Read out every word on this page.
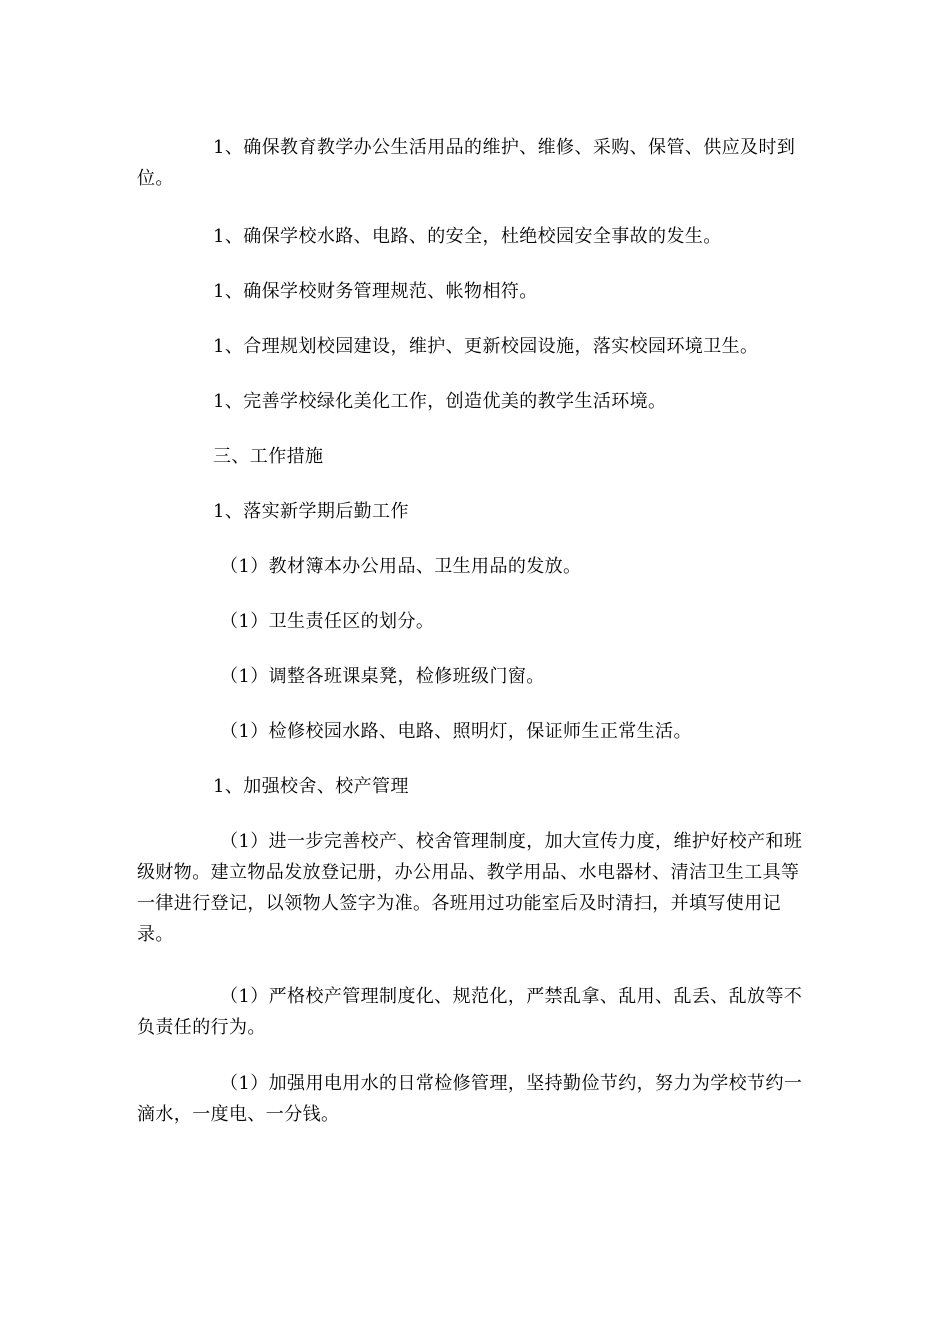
1、确保教育教学办公生活用品的维护、维修、采购、保管、供应及时到位。

1、确保学校水路、电路、的安全，杜绝校园安全事故的发生。

1、确保学校财务管理规范、帐物相符。

1、合理规划校园建设，维护、更新校园设施，落实校园环境卫生。

1、完善学校绿化美化工作，创造优美的教学生活环境。

三、工作措施

1、落实新学期后勤工作

（1）教材簿本办公用品、卫生用品的发放。

（1）卫生责任区的划分。

（1）调整各班课桌凳，检修班级门窗。

（1）检修校园水路、电路、照明灯，保证师生正常生活。

1、加强校舍、校产管理

（1）进一步完善校产、校舍管理制度，加大宣传力度，维护好校产和班级财物。建立物品发放登记册，办公用品、教学用品、水电器材、清洁卫生工具等一律进行登记，以领物人签字为准。各班用过功能室后及时清扫，并填写使用记录。

（1）严格校产管理制度化、规范化，严禁乱拿、乱用、乱丢、乱放等不负责任的行为。

（1）加强用电用水的日常检修管理，坚持勤俭节约，努力为学校节约一滴水，一度电、一分钱。
